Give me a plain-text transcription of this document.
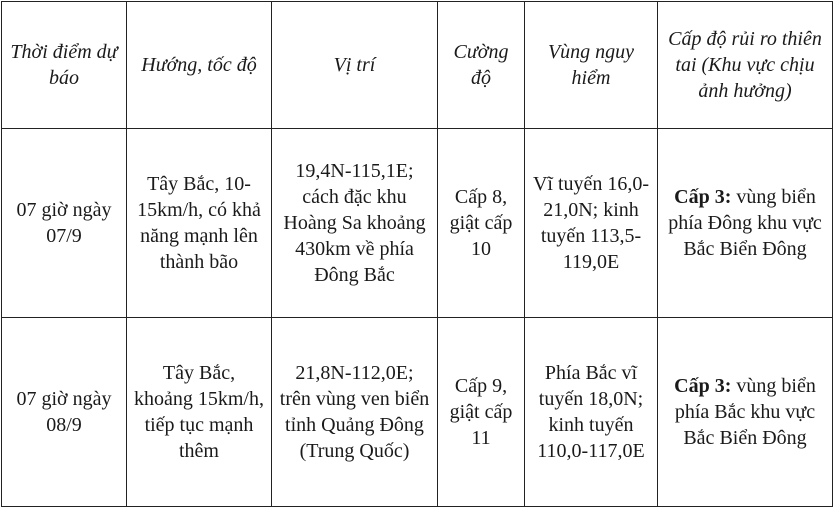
Thời điểm dự báo	Hướng, tốc độ	Vị trí	Cường độ	Vùng nguy hiểm	Cấp độ rủi ro thiên tai (Khu vực chịu ảnh hưởng)
07 giờ ngày 07/9	Tây Bắc, 10-15km/h, có khả năng mạnh lên thành bão	19,4N-115,1E; cách đặc khu Hoàng Sa khoảng 430km về phía Đông Bắc	Cấp 8, giật cấp 10	Vĩ tuyến 16,0-21,0N; kinh tuyến 113,5-119,0E	Cấp 3: vùng biển phía Đông khu vực Bắc Biển Đông
07 giờ ngày 08/9	Tây Bắc, khoảng 15km/h, tiếp tục mạnh thêm	21,8N-112,0E; trên vùng ven biển tỉnh Quảng Đông (Trung Quốc)	Cấp 9, giật cấp 11	Phía Bắc vĩ tuyến 18,0N; kinh tuyến 110,0-117,0E	Cấp 3: vùng biển phía Bắc khu vực Bắc Biển Đông
